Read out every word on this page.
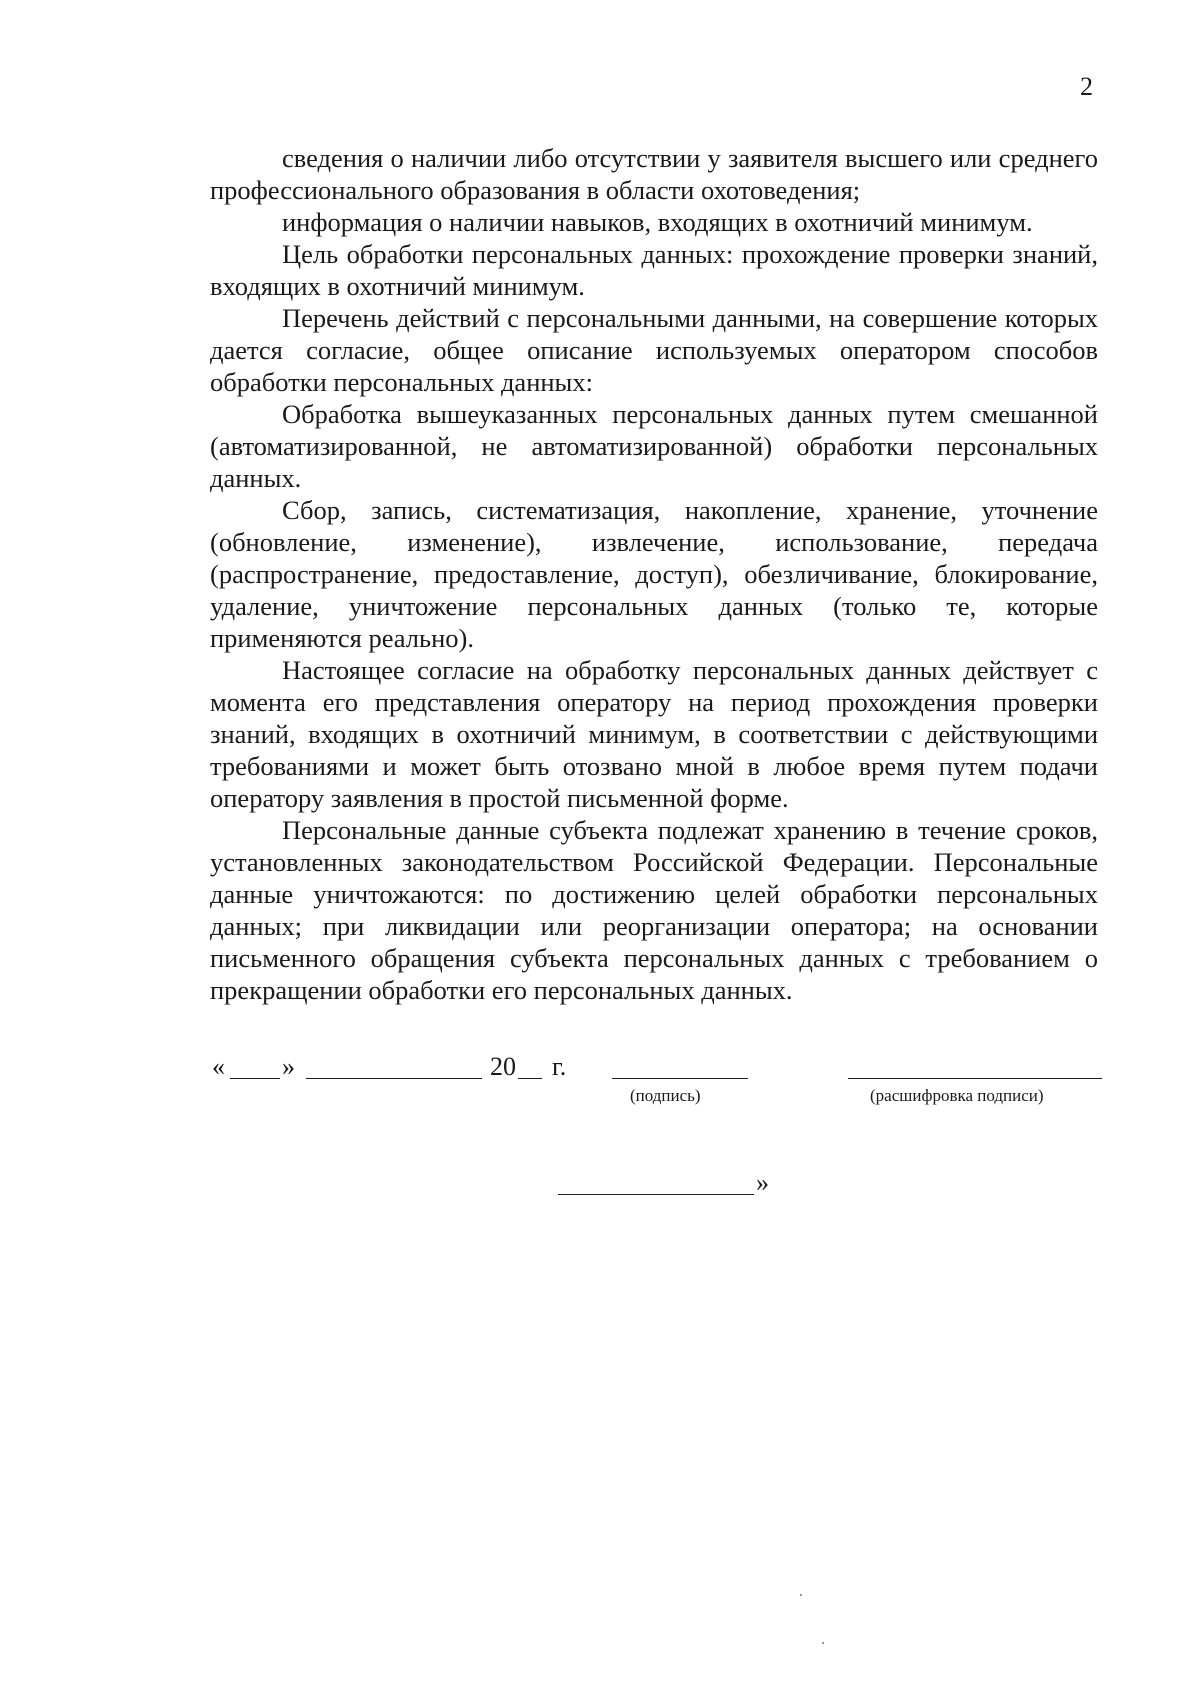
2

сведения о наличии либо отсутствии у заявителя высшего или среднего профессионального образования в области охотоведения;

информация о наличии навыков, входящих в охотничий минимум.

Цель обработки персональных данных: прохождение проверки знаний, входящих в охотничий минимум.

Перечень действий с персональными данными, на совершение которых дается согласие, общее описание используемых оператором способов обработки персональных данных:

Обработка вышеуказанных персональных данных путем смешанной (автоматизированной, не автоматизированной) обработки персональных данных.

Сбор, запись, систематизация, накопление, хранение, уточнение (обновление, изменение), извлечение, использование, передача (распространение, предоставление, доступ), обезличивание, блокирование, удаление, уничтожение персональных данных (только те, которые применяются реально).

Настоящее согласие на обработку персональных данных действует с момента его представления оператору на период прохождения проверки знаний, входящих в охотничий минимум, в соответствии с действующими требованиями и может быть отозвано мной в любое время путем подачи оператору заявления в простой письменной форме.

Персональные данные субъекта подлежат хранению в течение сроков, установленных законодательством Российской Федерации. Персональные данные уничтожаются: по достижению целей обработки персональных данных; при ликвидации или реорганизации оператора; на основании письменного обращения субъекта персональных данных с требованием о прекращении обработки его персональных данных.

« »	20 г.
(подпись)	(расшифровка подписи)
»
